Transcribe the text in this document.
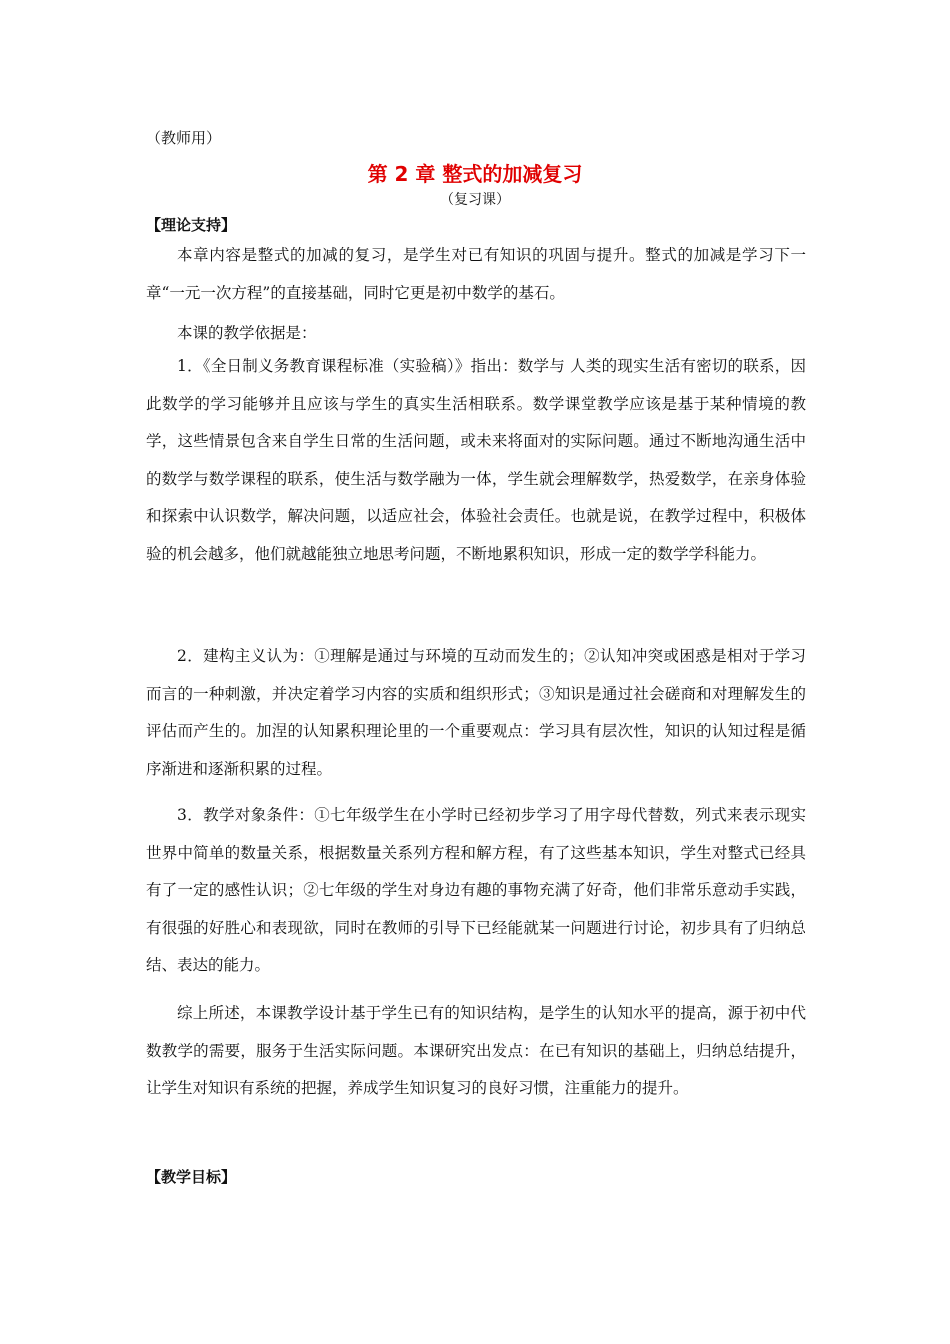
（教师用）
第 2 章 整式的加减复习
（复习课）
【理论支持】

本章内容是整式的加减的复习，是学生对已有知识的巩固与提升。整式的加减是学习下一章“一元一次方程”的直接基础，同时它更是初中数学的基石。

本课的教学依据是：

1．《全日制义务教育课程标准（实验稿）》指出：数学与 人类的现实生活有密切的联系，因此数学的学习能够并且应该与学生的真实生活相联系。数学课堂教学应该是基于某种情境的教学，这些情景包含来自学生日常的生活问题，或未来将面对的实际问题。通过不断地沟通生活中的数学与数学课程的联系，使生活与数学融为一体，学生就会理解数学，热爱数学，在亲身体验和探索中认识数学，解决问题，以适应社会，体验社会责任。也就是说，在教学过程中，积极体验的机会越多，他们就越能独立地思考问题，不断地累积知识，形成一定的数学学科能力。

2．建构主义认为：①理解是通过与环境的互动而发生的；②认知冲突或困惑是相对于学习而言的一种刺激，并决定着学习内容的实质和组织形式；③知识是通过社会磋商和对理解发生的评估而产生的。加涅的认知累积理论里的一个重要观点：学习具有层次性，知识的认知过程是循序渐进和逐渐积累的过程。

3．教学对象条件：①七年级学生在小学时已经初步学习了用字母代替数，列式来表示现实世界中简单的数量关系，根据数量关系列方程和解方程，有了这些基本知识，学生对整式已经具有了一定的感性认识；②七年级的学生对身边有趣的事物充满了好奇，他们非常乐意动手实践，有很强的好胜心和表现欲，同时在教师的引导下已经能就某一问题进行讨论，初步具有了归纳总结、表达的能力。

综上所述，本课教学设计基于学生已有的知识结构，是学生的认知水平的提高，源于初中代数教学的需要，服务于生活实际问题。本课研究出发点：在已有知识的基础上，归纳总结提升，让学生对知识有系统的把握，养成学生知识复习的良好习惯，注重能力的提升。

【教学目标】
